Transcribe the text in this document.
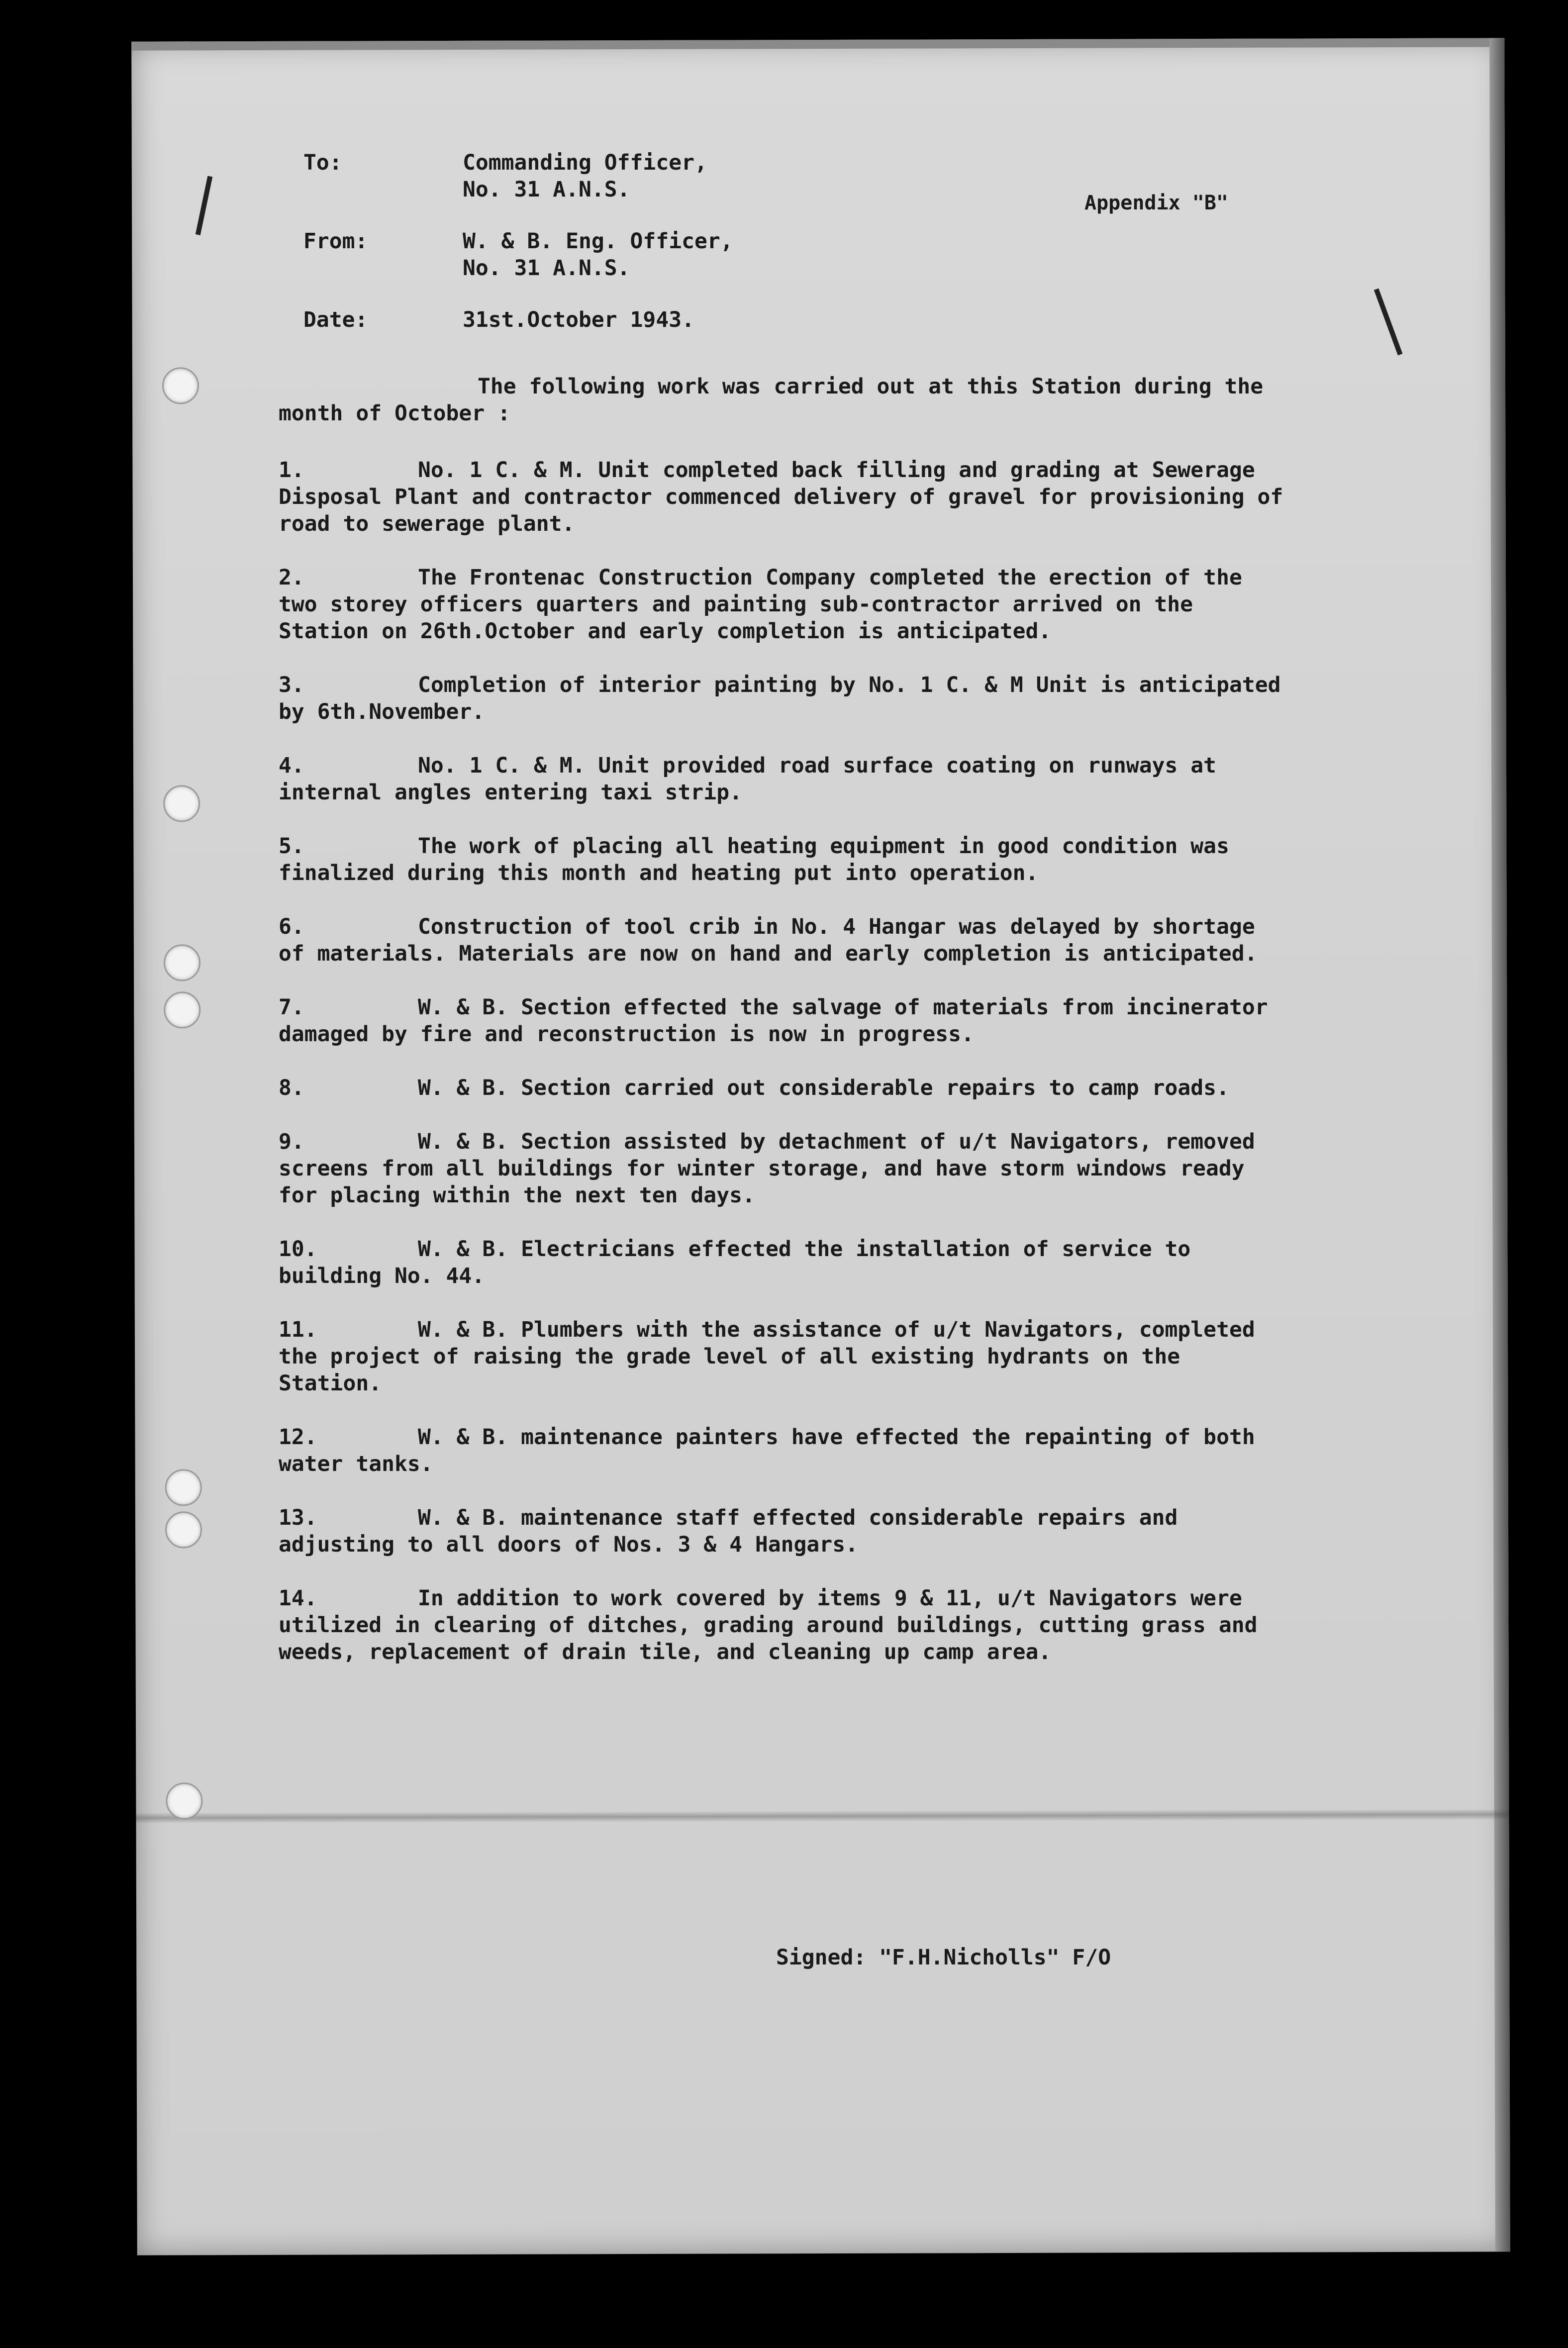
Appendix "B"
To:	Commanding Officer,
No. 31 A.N.S.
From:	W. & B. Eng. Officer,
No. 31 A.N.S.
Date:	31st.October 1943.
The following work was carried out at this Station during the month of October :
1.	No. 1 C. & M. Unit completed back filling and grading at Sewerage Disposal Plant and contractor commenced delivery of gravel for provisioning of road to sewerage plant.
2.	The Frontenac Construction Company completed the erection of the two storey officers quarters and painting sub-contractor arrived on the Station on 26th.October and early completion is anticipated.
3.	Completion of interior painting by No. 1 C. & M Unit is anticipated by 6th.November.
4.	No. 1 C. & M. Unit provided road surface coating on runways at internal angles entering taxi strip.
5.	The work of placing all heating equipment in good condition was finalized during this month and heating put into operation.
6.	Construction of tool crib in No. 4 Hangar was delayed by shortage of materials. Materials are now on hand and early completion is anticipated.
7.	W. & B. Section effected the salvage of materials from incinerator damaged by fire and reconstruction is now in progress.
8.	W. & B. Section carried out considerable repairs to camp roads.
9.	W. & B. Section assisted by detachment of u/t Navigators, removed screens from all buildings for winter storage, and have storm windows ready for placing within the next ten days.
10.	W. & B. Electricians effected the installation of service to building No. 44.
11.	W. & B. Plumbers with the assistance of u/t Navigators, completed the project of raising the grade level of all existing hydrants on the Station.
12.	W. & B. maintenance painters have effected the repainting of both water tanks.
13.	W. & B. maintenance staff effected considerable repairs and adjusting to all doors of Nos. 3 & 4 Hangars.
14.	In addition to work covered by items 9 & 11, u/t Navigators were utilized in clearing of ditches, grading around buildings, cutting grass and weeds, replacement of drain tile, and cleaning up camp area.
Signed: "F.H.Nicholls" F/O
